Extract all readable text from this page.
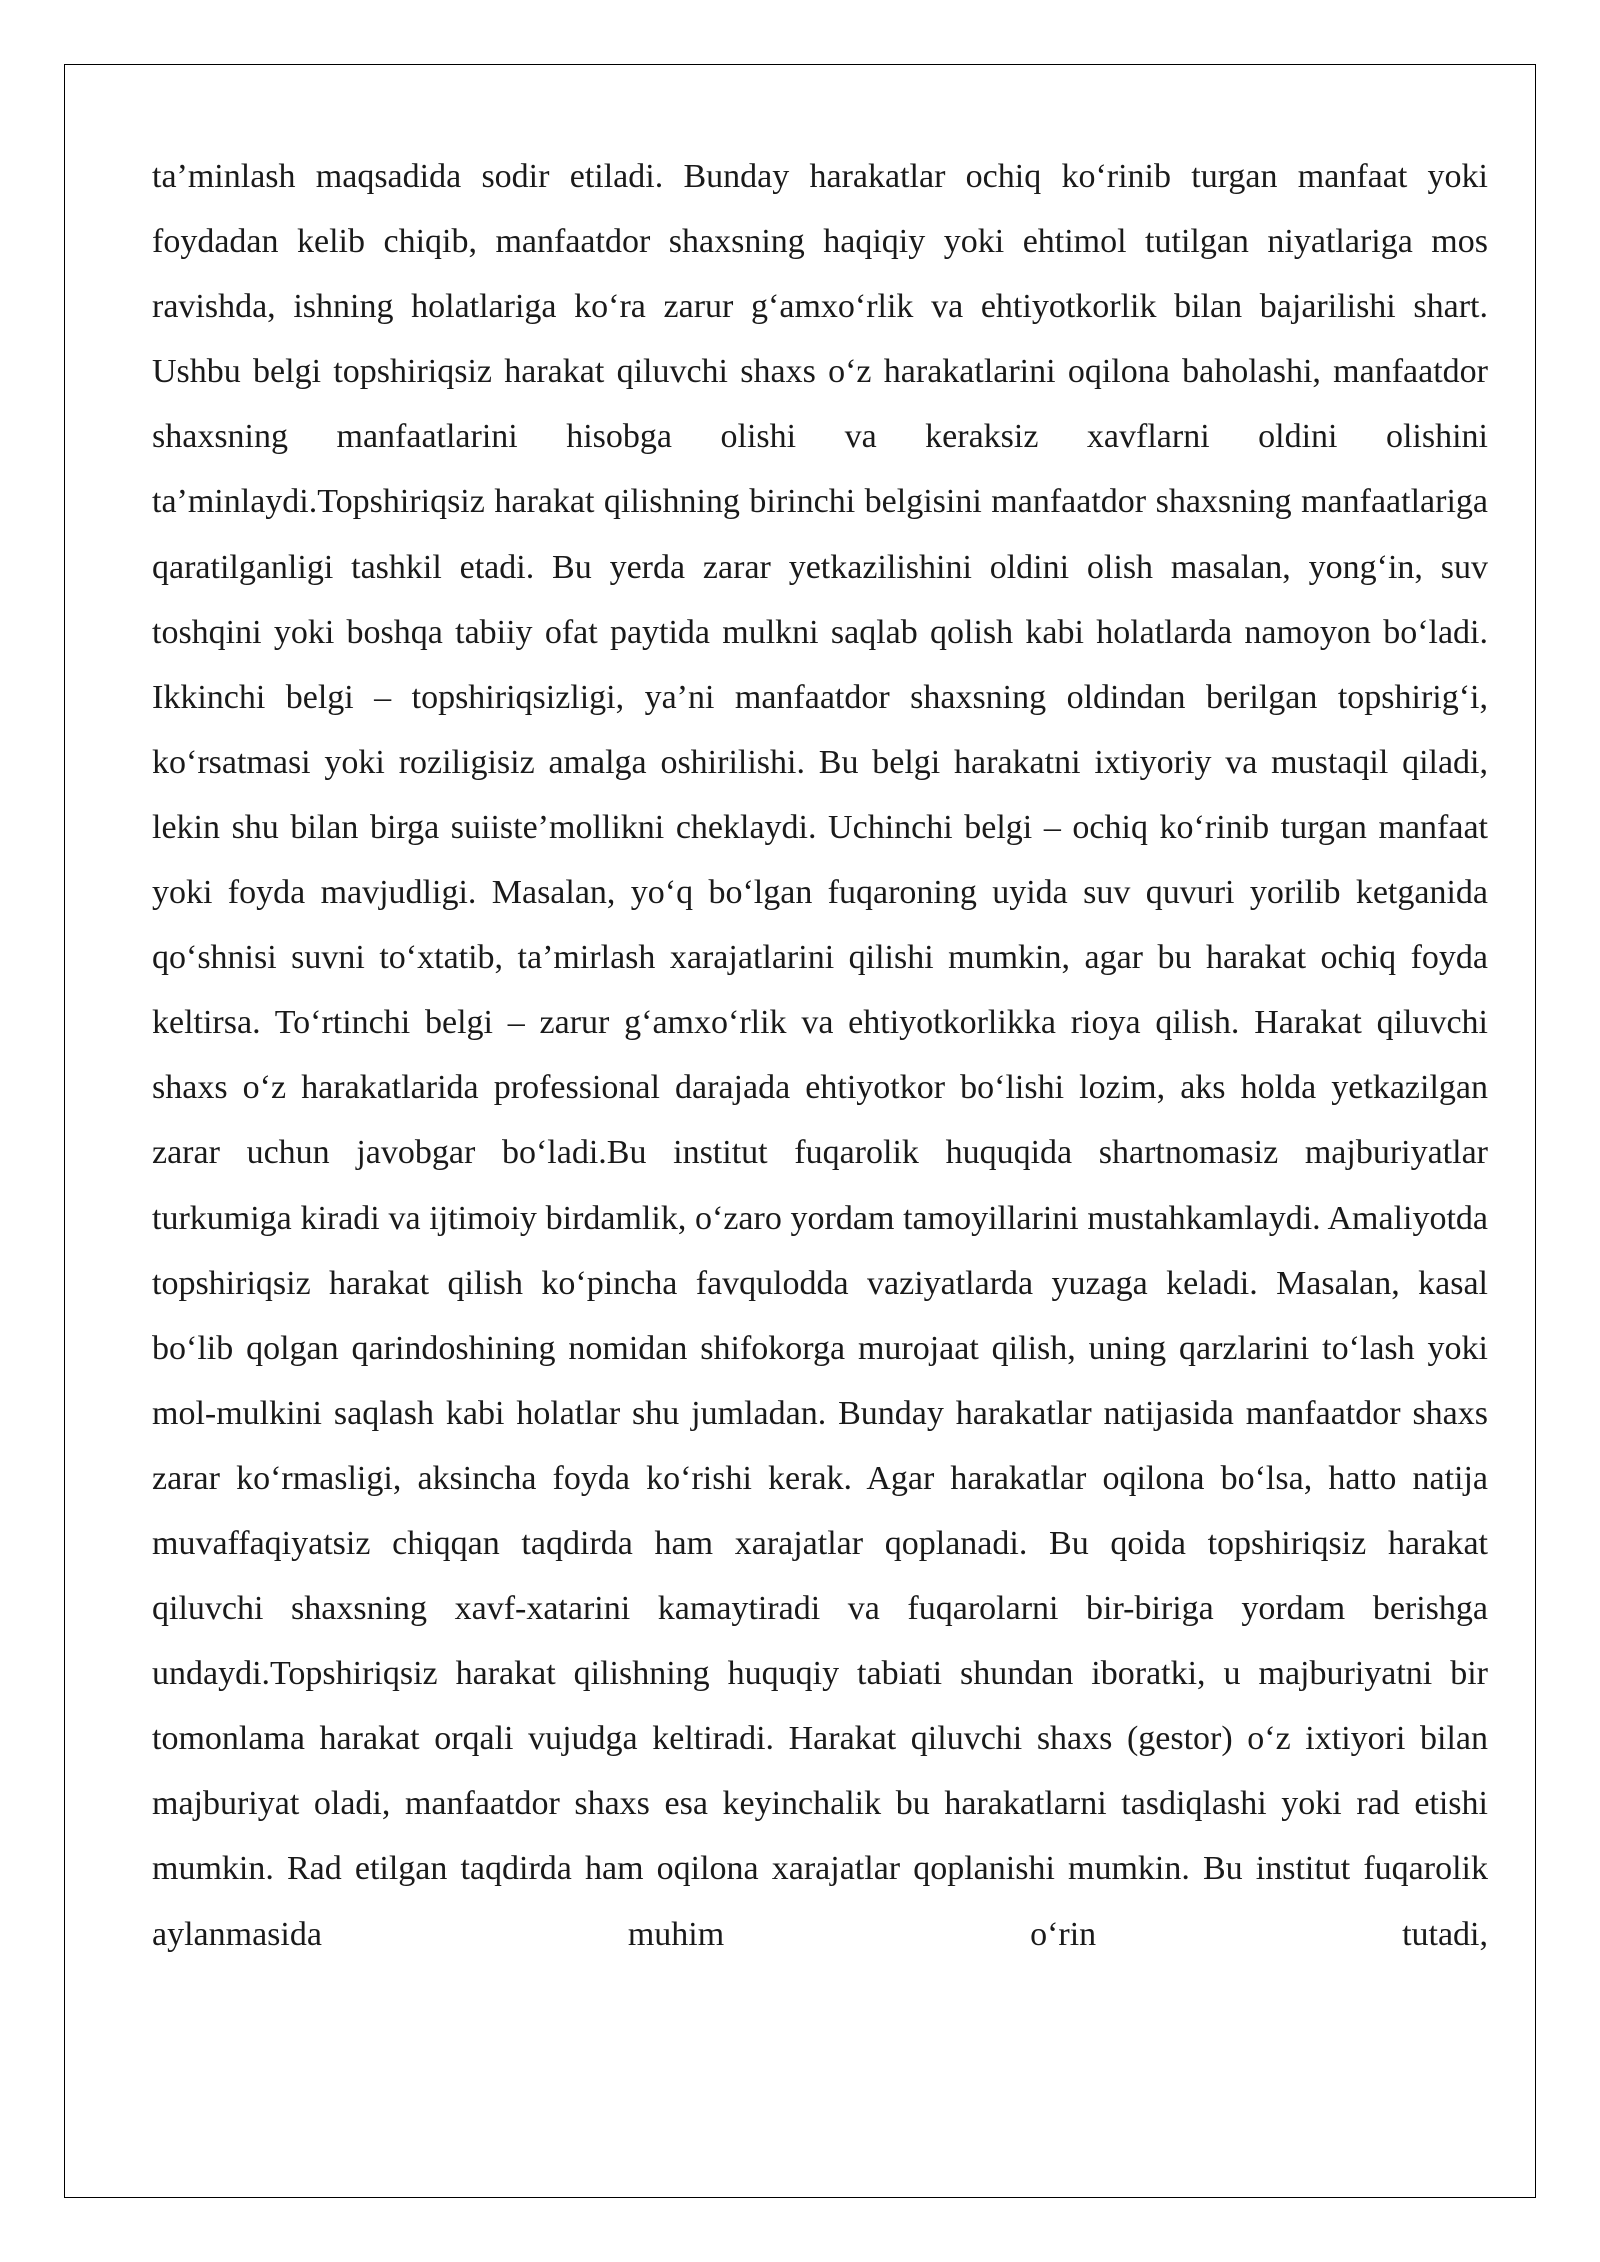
ta’minlash maqsadida sodir etiladi. Bunday harakatlar ochiq ko‘rinib turgan manfaat yoki foydadan kelib chiqib, manfaatdor shaxsning haqiqiy yoki ehtimol tutilgan niyatlariga mos ravishda, ishning holatlariga ko‘ra zarur g‘amxo‘rlik va ehtiyotkorlik bilan bajarilishi shart. Ushbu belgi topshiriqsiz harakat qiluvchi shaxs o‘z harakatlarini oqilona baholashi, manfaatdor shaxsning manfaatlarini hisobga olishi va keraksiz xavflarni oldini olishini ta’minlaydi.Topshiriqsiz harakat qilishning birinchi belgisini manfaatdor shaxsning manfaatlariga qaratilganligi tashkil etadi. Bu yerda zarar yetkazilishini oldini olish masalan, yong‘in, suv toshqini yoki boshqa tabiiy ofat paytida mulkni saqlab qolish kabi holatlarda namoyon bo‘ladi. Ikkinchi belgi – topshiriqsizligi, ya’ni manfaatdor shaxsning oldindan berilgan topshirig‘i, ko‘rsatmasi yoki roziligisiz amalga oshirilishi. Bu belgi harakatni ixtiyoriy va mustaqil qiladi, lekin shu bilan birga suiiste’mollikni cheklaydi. Uchinchi belgi – ochiq ko‘rinib turgan manfaat yoki foyda mavjudligi. Masalan, yo‘q bo‘lgan fuqaroning uyida suv quvuri yorilib ketganida qo‘shnisi suvni to‘xtatib, ta’mirlash xarajatlarini qilishi mumkin, agar bu harakat ochiq foyda keltirsa. To‘rtinchi belgi – zarur g‘amxo‘rlik va ehtiyotkorlikka rioya qilish. Harakat qiluvchi shaxs o‘z harakatlarida professional darajada ehtiyotkor bo‘lishi lozim, aks holda yetkazilgan zarar uchun javobgar bo‘ladi.Bu institut fuqarolik huquqida shartnomasiz majburiyatlar turkumiga kiradi va ijtimoiy birdamlik, o‘zaro yordam tamoyillarini mustahkamlaydi. Amaliyotda topshiriqsiz harakat qilish ko‘pincha favqulodda vaziyatlarda yuzaga keladi. Masalan, kasal bo‘lib qolgan qarindoshining nomidan shifokorga murojaat qilish, uning qarzlarini to‘lash yoki mol-mulkini saqlash kabi holatlar shu jumladan. Bunday harakatlar natijasida manfaatdor shaxs zarar ko‘rmasligi, aksincha foyda ko‘rishi kerak. Agar harakatlar oqilona bo‘lsa, hatto natija muvaffaqiyatsiz chiqqan taqdirda ham xarajatlar qoplanadi. Bu qoida topshiriqsiz harakat qiluvchi shaxsning xavf-xatarini kamaytiradi va fuqarolarni bir-biriga yordam berishga undaydi.Topshiriqsiz harakat qilishning huquqiy tabiati shundan iboratki, u majburiyatni bir tomonlama harakat orqali vujudga keltiradi. Harakat qiluvchi shaxs (gestor) o‘z ixtiyori bilan majburiyat oladi, manfaatdor shaxs esa keyinchalik bu harakatlarni tasdiqlashi yoki rad etishi mumkin. Rad etilgan taqdirda ham oqilona xarajatlar qoplanishi mumkin. Bu institut fuqarolik aylanmasida muhim o‘rin tutadi,
